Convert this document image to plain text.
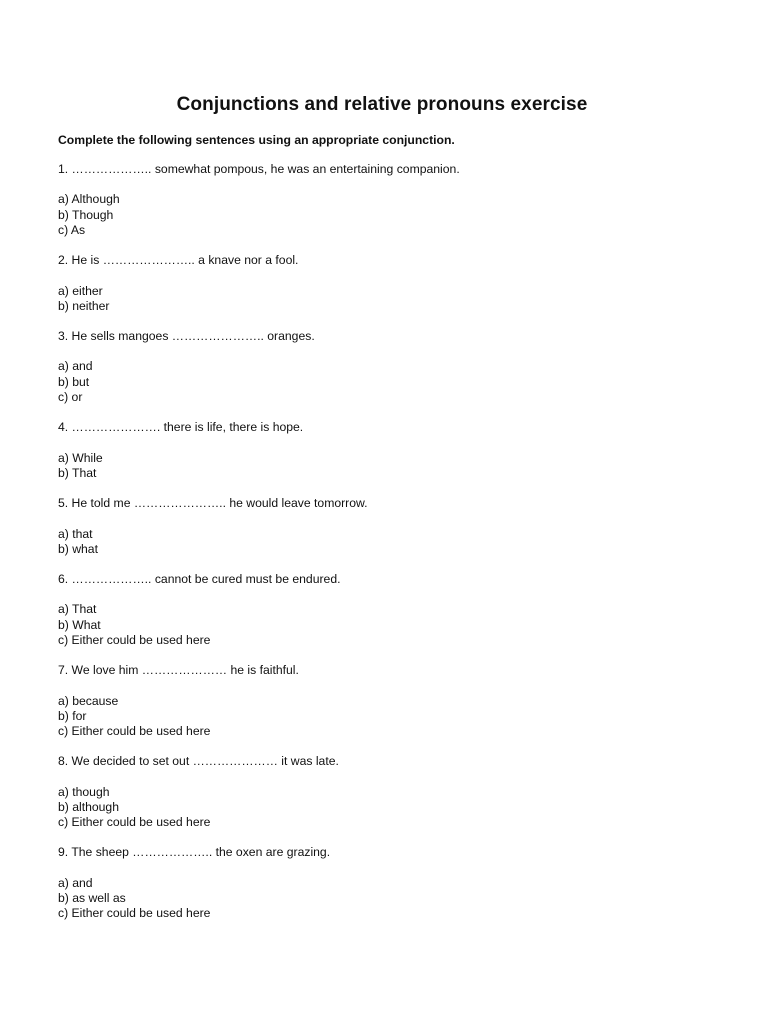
Conjunctions and relative pronouns exercise
Complete the following sentences using an appropriate conjunction.
1. ……………….. somewhat pompous, he was an entertaining companion.
a) Although
b) Though
c) As
2. He is ………………….. a knave nor a fool.
a) either
b) neither
3. He sells mangoes ………………….. oranges.
a) and
b) but
c) or
4. …………………. there is life, there is hope.
a) While
b) That
5. He told me ………………….. he would leave tomorrow.
a) that
b) what
6. ……………….. cannot be cured must be endured.
a) That
b) What
c) Either could be used here
7. We love him ………………… he is faithful.
a) because
b) for
c) Either could be used here
8. We decided to set out ………………… it was late.
a) though
b) although
c) Either could be used here
9. The sheep ……………….. the oxen are grazing.
a) and
b) as well as
c) Either could be used here
